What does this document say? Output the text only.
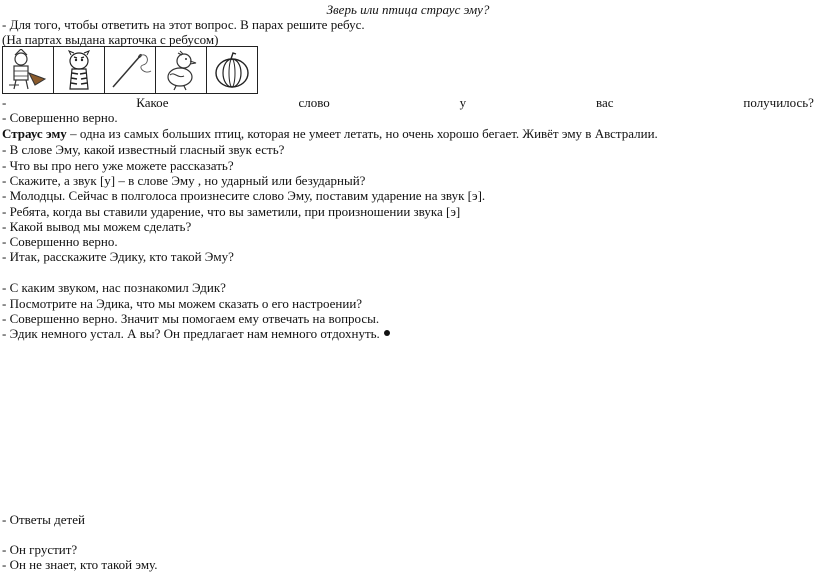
Зверь или птица страус эму?
- Для того, чтобы ответить на этот вопрос. В парах решите ребус.
(На партах выдана карточка с ребусом)

-	Какое	слово	у	вас	получилось?
- Совершенно верно.
Страус эму – одна из самых больших птиц, которая не умеет летать, но очень хорошо бегает. Живёт эму в Австралии.
- В слове Эму, какой известный гласный звук есть?
- Что вы про него уже можете рассказать?
- Скажите, а звук [у] – в слове Эму , но ударный или безударный?
- Молодцы. Сейчас в полголоса произнесите слово Эму, поставим ударение на звук [э].
- Ребята, когда вы ставили ударение, что вы заметили, при произношении звука [э]
- Какой вывод мы можем сделать?
- Совершенно верно.
- Итак, расскажите Эдику, кто такой Эму?
- С каким звуком, нас познакомил Эдик?
- Посмотрите на Эдика, что мы можем сказать о его настроении?
- Совершенно верно. Значит мы помогаем ему отвечать на вопросы.
- Эдик немного устал. А вы? Он предлагает нам немного отдохнуть.
- Ответы детей
- Он грустит?
- Он не знает, кто такой эму.
